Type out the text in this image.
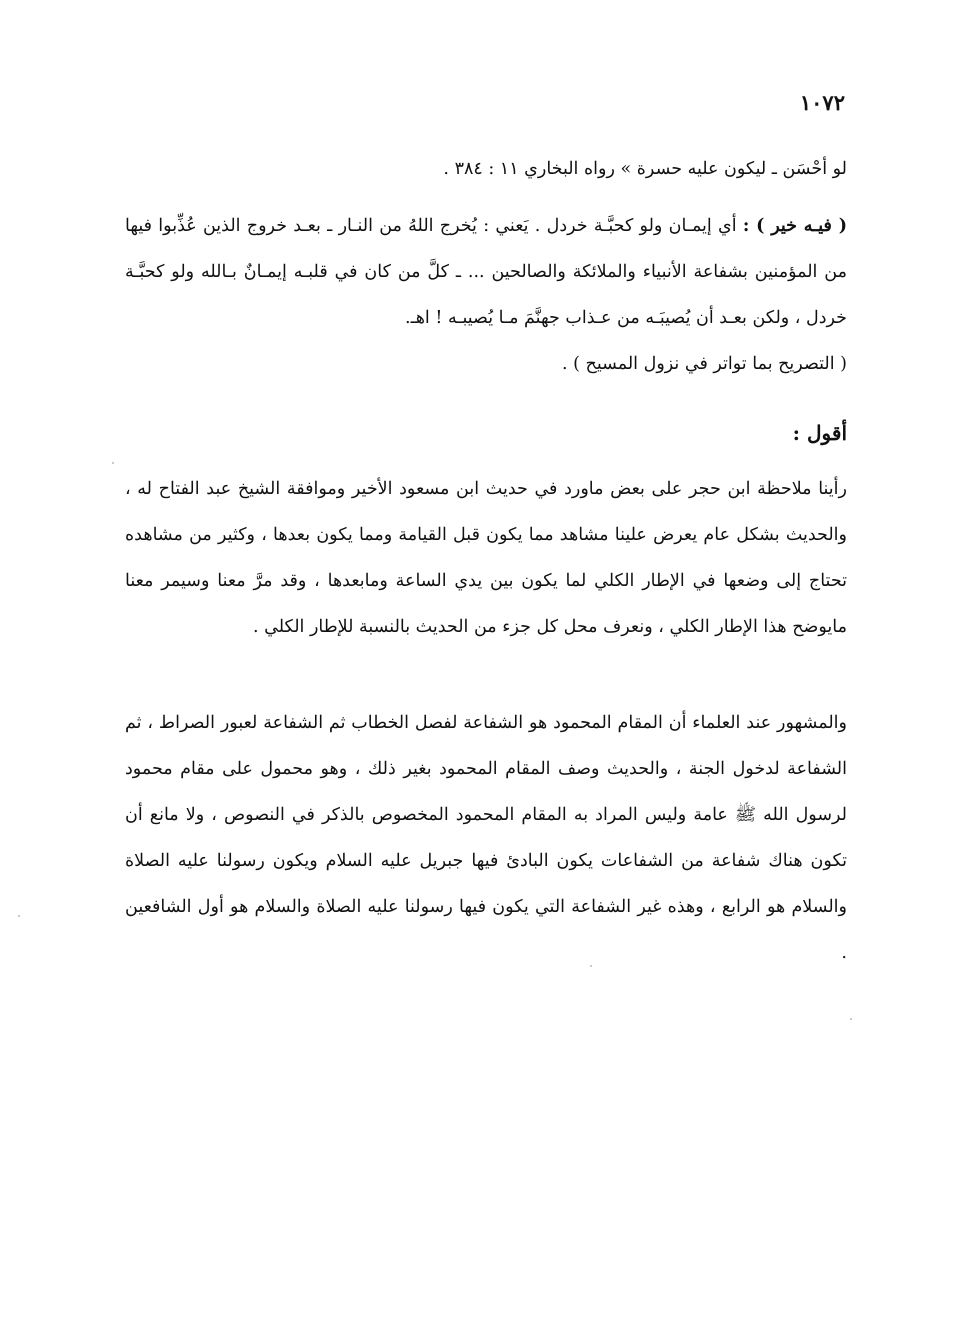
١٠٧٢

لو أحْسَن ـ ليكون عليه حسرة » رواه البخاري ١١ : ٣٨٤ .

( فيـه خير ) : أي إيمـان ولو كحبَّـة خردل . يَعني : يُخرج اللهُ من النـار ـ بعـد خروج الذين عُذِّبوا فيها من المؤمنين بشفاعة الأنبياء والملائكة والصالحين ... ـ كلَّ من كان في قلبـه إيمـانٌ بـالله ولو كحبَّـة خردل ، ولكن بعـد أن يُصيبَـه من عـذاب جهنَّمَ مـا يُصيبـه ! اهـ.

( التصريح بما تواتر في نزول المسيح ) .

أقول :

رأينا ملاحظة ابن حجر على بعض ماورد في حديث ابن مسعود الأخير وموافقة الشيخ عبد الفتاح له ، والحديث بشكل عام يعرض علينا مشاهد مما يكون قبل القيامة ومما يكون بعدها ، وكثير من مشاهده تحتاج إلى وضعها في الإطار الكلي لما يكون بين يدي الساعة ومابعدها ، وقد مرَّ معنا وسيمر معنا مايوضح هذا الإطار الكلي ، ونعرف محل كل جزء من الحديث بالنسبة للإطار الكلي .

والمشهور عند العلماء أن المقام المحمود هو الشفاعة لفصل الخطاب ثم الشفاعة لعبور الصراط ، ثم الشفاعة لدخول الجنة ، والحديث وصف المقام المحمود بغير ذلك ، وهو محمول على مقام محمود لرسول الله ﷺ عامة وليس المراد به المقام المحمود المخصوص بالذكر في النصوص ، ولا مانع أن تكون هناك شفاعة من الشفاعات يكون البادئ فيها جبريل عليه السلام ويكون رسولنا عليه الصلاة والسلام هو الرابع ، وهذه غير الشفاعة التي يكون فيها رسولنا عليه الصلاة والسلام هو أول الشافعين .
